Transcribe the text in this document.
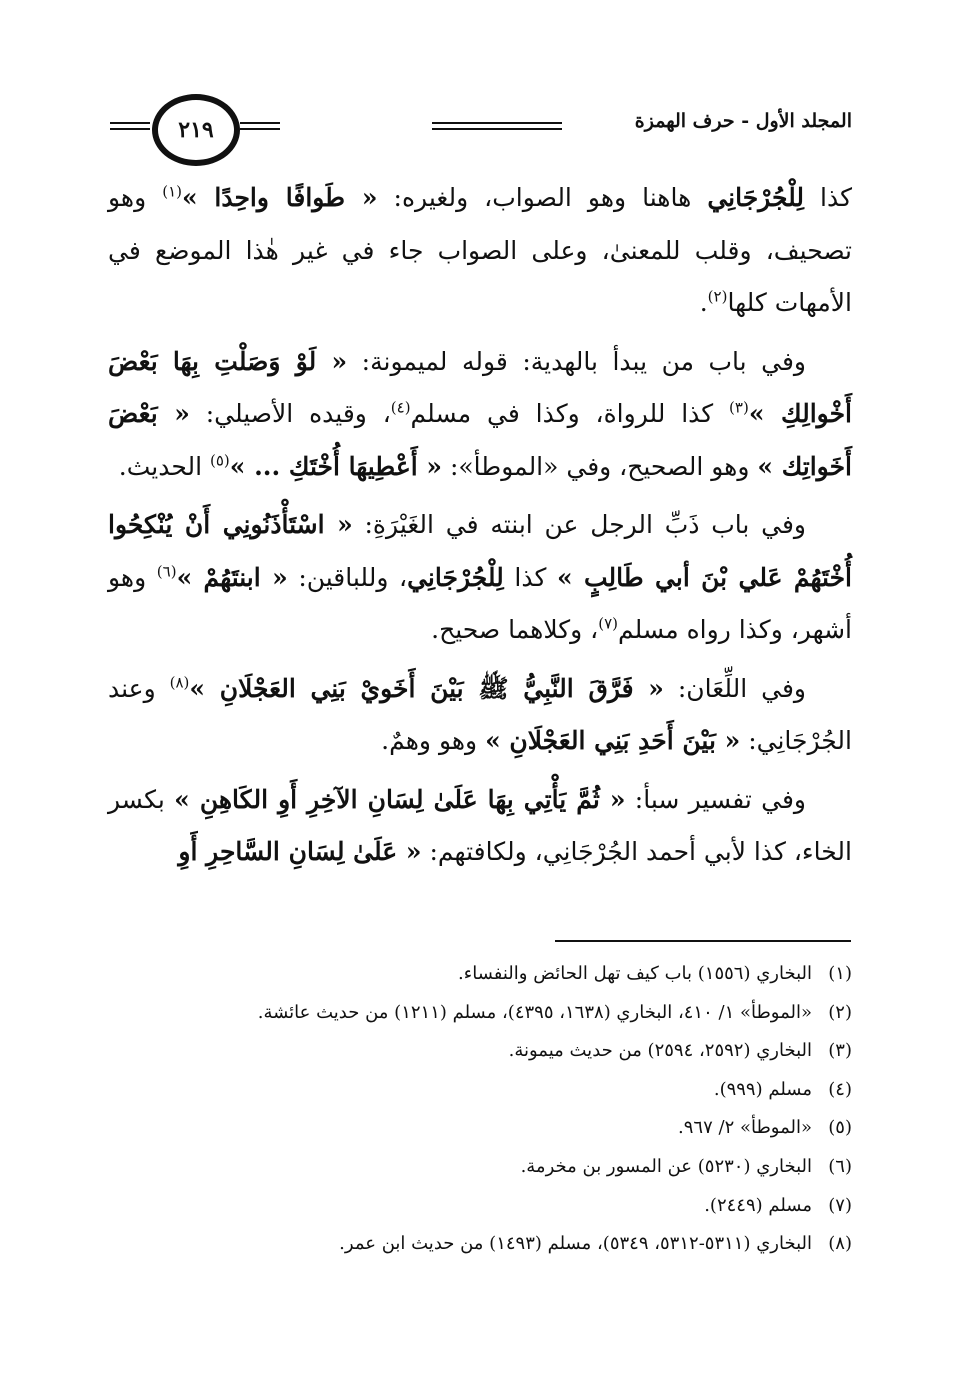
المجلد الأول - حرف الهمزة
٢١٩

كذا لِلْجُرْجَانِي هاهنا وهو الصواب، ولغيره: « طَوافًا واحِدًا »$^{(١)}$ وهو تصحيف، وقلب للمعنىٰ، وعلى الصواب جاء في غير هٰذا الموضع في الأمهات كلها$^{(٢)}$.

وفي باب من يبدأ بالهدية: قوله لميمونة: « لَوْ وَصَلْتِ بِهَا بَعْضَ أَخْوالِكِ »$^{(٣)}$ كذا للرواة، وكذا في مسلم$^{(٤)}$، وقيده الأصيلي: « بَعْضَ أَخَواتِك » وهو الصحيح، وفي «الموطأ»: « أَعْطِيهَا أُخْتَكِ ... »$^{(٥)}$ الحديث.

وفي باب ذَبِّ الرجل عن ابنته في الغَيْرَةِ: « اسْتَأْذَنُونِي أَنْ يُنْكِحُوا أُخْتَهُمْ عَلي بْنَ أبي طَالِبٍ » كذا لِلْجُرْجَانِي، وللباقين: « ابنتَهُمْ »$^{(٦)}$ وهو أشهر، وكذا رواه مسلم$^{(٧)}$، وكلاهما صحيح.

وفي اللِّعَان: « فَرَّقَ النَّبِيُّ ﷺ بَيْنَ أَخَويْ بَنِي العَجْلَانِ »$^{(٨)}$ وعند الجُرْجَانِي: « بَيْنَ أَحَدِ بَنِي العَجْلَانِ » وهو وهمٌ.

وفي تفسير سبأ: « ثُمَّ يَأْتِي بِهَا عَلَىٰ لِسَانِ الآخِرِ أَوِ الكَاهِنِ » بكسر الخاء، كذا لأبي أحمد الجُرْجَانِي، ولكافتهم: « عَلَىٰ لِسَانِ السَّاحِرِ أَوِ

(١)
البخاري (١٥٥٦) باب كيف تهل الحائض والنفساء.
(٢)
«الموطأ» ١/ ٤١٠، البخاري (١٦٣٨، ٤٣٩٥)، مسلم (١٢١١) من حديث عائشة.
(٣)
البخاري (٢٥٩٢، ٢٥٩٤) من حديث ميمونة.
(٤)
مسلم (٩٩٩).
(٥)
«الموطأ» ٢/ ٩٦٧.
(٦)
البخاري (٥٢٣٠) عن المسور بن مخرمة.
(٧)
مسلم (٢٤٤٩).
(٨)
البخاري (٥٣١١-٥٣١٢، ٥٣٤٩)، مسلم (١٤٩٣) من حديث ابن عمر.
